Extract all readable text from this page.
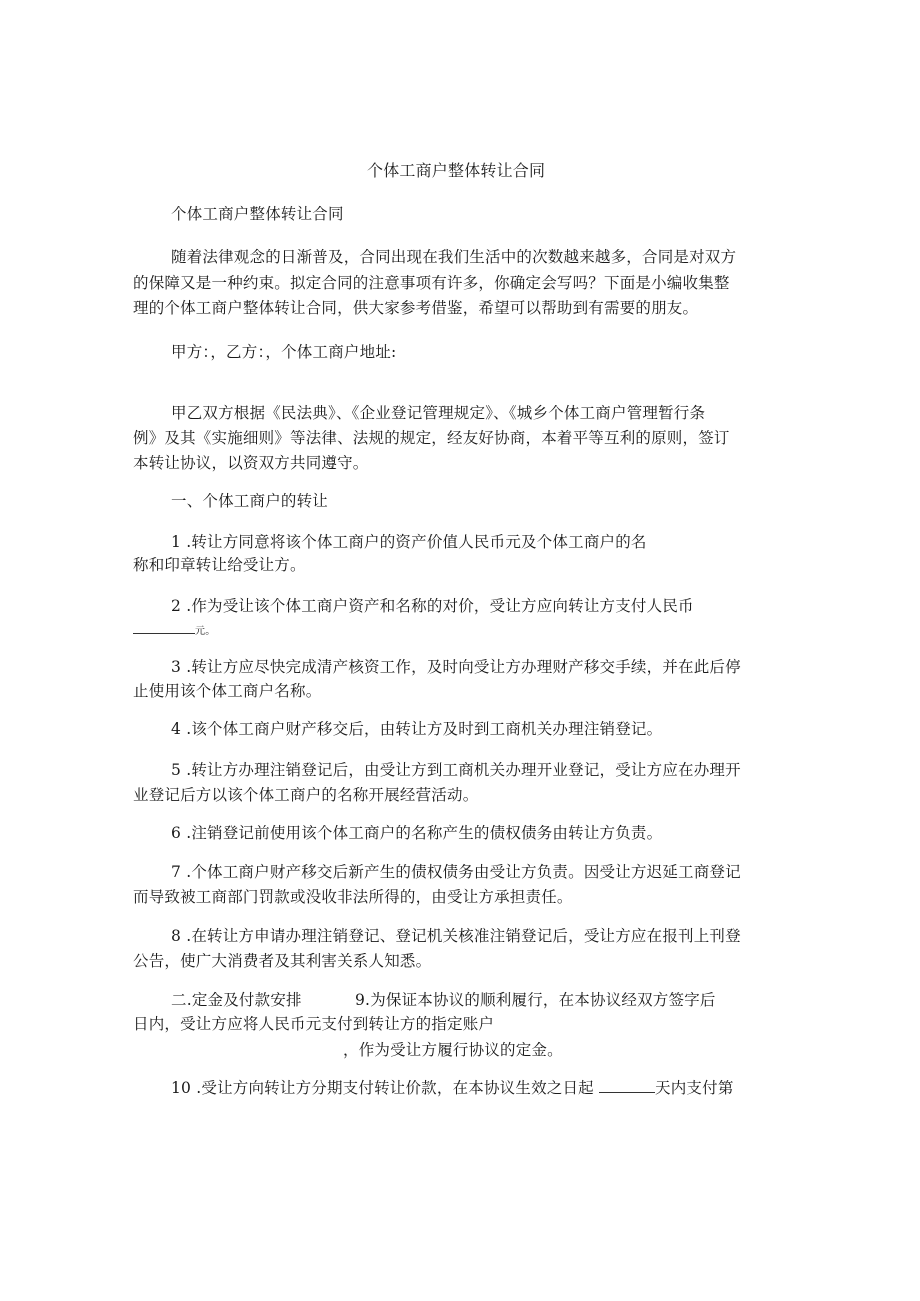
个体工商户整体转让合同
个体工商户整体转让合同
随着法律观念的日渐普及，合同出现在我们生活中的次数越来越多，合同是对双方
的保障又是一种约束。拟定合同的注意事项有许多，你确定会写吗？下面是小编收集整
理的个体工商户整体转让合同，供大家参考借鉴，希望可以帮助到有需要的朋友。
甲方：，乙方：，个体工商户地址:
甲乙双方根据《民法典》、《企业登记管理规定》、《城乡个体工商户管理暂行条
例》及其《实施细则》等法律、法规的规定，经友好协商，本着平等互利的原则，签订
本转让协议，以资双方共同遵守。
一、个体工商户的转让
1 .转让方同意将该个体工商户的资产价值人民币元及个体工商户的名
称和印章转让给受让方。
2 .作为受让该个体工商户资产和名称的对价，受让方应向转让方支付人民币
元。
3 .转让方应尽快完成清产核资工作，及时向受让方办理财产移交手续，并在此后停
止使用该个体工商户名称。
4 .该个体工商户财产移交后，由转让方及时到工商机关办理注销登记。
5 .转让方办理注销登记后，由受让方到工商机关办理开业登记，受让方应在办理开
业登记后方以该个体工商户的名称开展经营活动。
6 .注销登记前使用该个体工商户的名称产生的债权债务由转让方负责。
7 .个体工商户财产移交后新产生的债权债务由受让方负责。因受让方迟延工商登记
而导致被工商部门罚款或没收非法所得的，由受让方承担责任。
8 .在转让方申请办理注销登记、登记机关核准注销登记后，受让方应在报刊上刊登
公告，使广大消费者及其利害关系人知悉。
二.定金及付款安排	9.为保证本协议的顺利履行，在本协议经双方签字后
日内，受让方应将人民币元支付到转让方的指定账户
，作为受让方履行协议的定金。
10 .受让方向转让方分期支付转让价款，在本协议生效之日起	天内支付第
